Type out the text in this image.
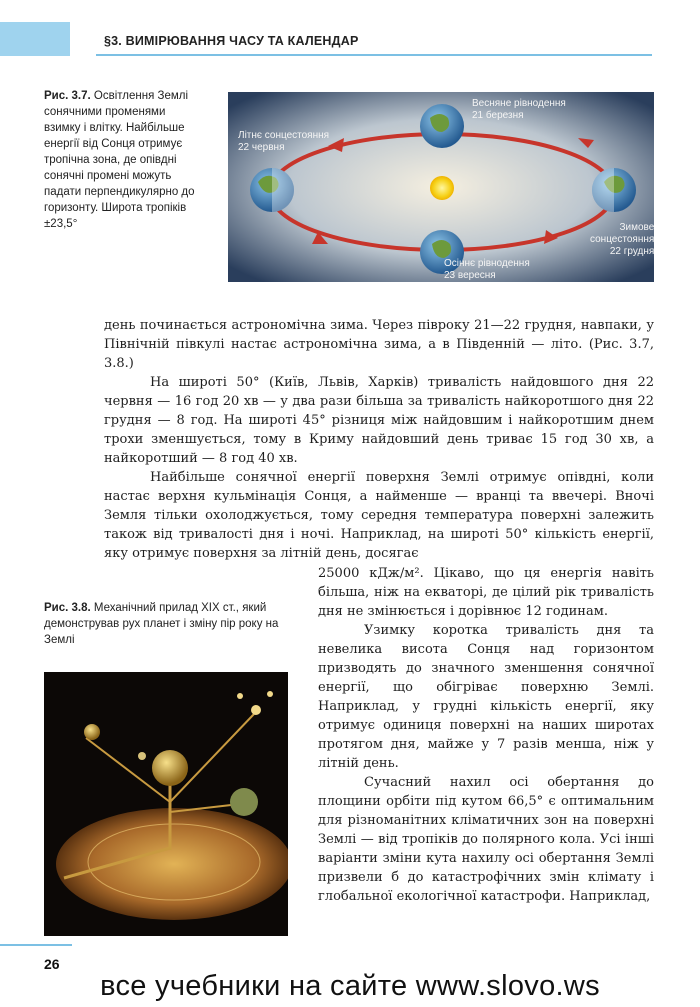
§3. ВИМІРЮВАННЯ ЧАСУ ТА КАЛЕНДАР
Рис. 3.7. Освітлення Землі сонячними променями взимку і влітку. Найбільше енергії від Сонця отримує тропічна зона, де опівдні сонячні промені можуть падати перпендикулярно до горизонту. Широта тропіків ±23,5°
Літнє сонцестояння
22 червня
Весняне рівнодення
21 березня
Осіннє рівнодення
23 вересня
Зимове
сонцестояння
22 грудня

день починається астрономічна зима. Через півроку 21—22 грудня, навпаки, у Північній півкулі настає астрономічна зима, а в Південній — літо. (Рис. 3.7, 3.8.)

На широті 50° (Київ, Львів, Харків) тривалість найдовшого дня 22 червня — 16 год 20 хв — у два рази більша за тривалість найкоротшого дня 22 грудня — 8 год. На широті 45° різниця між найдовшим і найкоротшим днем трохи зменшується, тому в Криму найдовший день триває 15 год 30 хв, а найкоротший — 8 год 40 хв.

Найбільше сонячної енергії поверхня Землі отримує опівдні, коли настає верхня кульмінація Сонця, а найменше — вранці та ввечері. Вночі Земля тільки охолоджується, тому середня температура поверхні залежить також від тривалості дня і ночі. Наприклад, на широті 50° кількість енергії, яку отримує поверхня за літній день, досягає

Рис. 3.8. Механічний прилад XIX ст., який демонстрував рух планет і зміну пір року на Землі

25000 кДж/м². Цікаво, що ця енергія навіть більша, ніж на екваторі, де цілий рік тривалість дня не змінюється і дорівнює 12 годинам.

Узимку коротка тривалість дня та невелика висота Сонця над горизонтом призводять до значного зменшення сонячної енергії, що обігріває поверхню Землі. Наприклад, у грудні кількість енергії, яку отримує одиниця поверхні на наших широтах протягом дня, майже у 7 разів менша, ніж у літній день.

Сучасний нахил осі обертання до площини орбіти під кутом 66,5° є оптимальним для різноманітних кліматичних зон на поверхні Землі — від тропіків до полярного кола. Усі інші варіанти зміни кута нахилу осі обертання Землі призвели б до катастрофічних змін клімату і глобальної екологічної катастрофи. Наприклад,

26
все учебники на сайте www.slovo.ws
